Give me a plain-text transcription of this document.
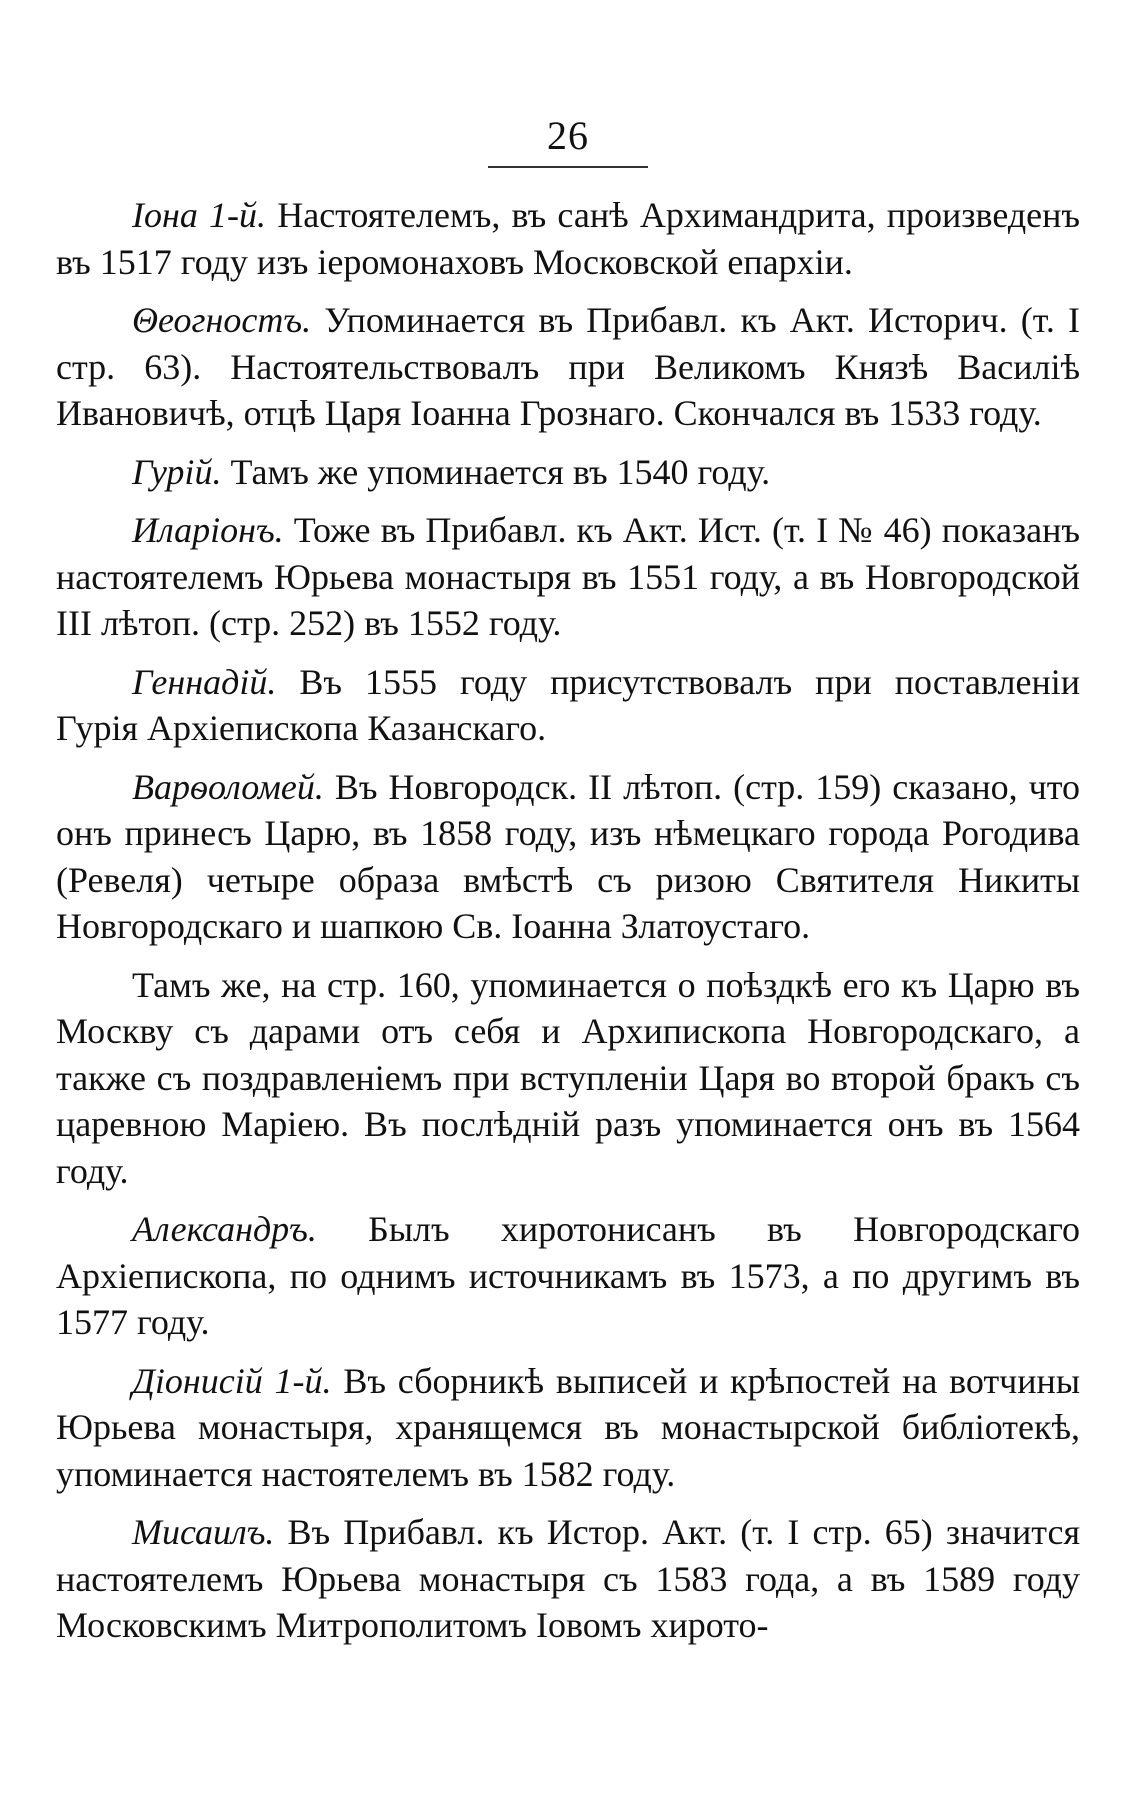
26

Іона 1-й. Настоятелемъ, въ санѣ Архимандрита, произведенъ въ 1517 году изъ іеромонаховъ Московской епархіи.

Θеогностъ. Упоминается въ Прибавл. къ Акт. Историч. (т. I стр. 63). Настоятельствовалъ при Великомъ Князѣ Василіѣ Ивановичѣ, отцѣ Царя Іоанна Грознаго. Скончался въ 1533 году.

Гурій. Тамъ же упоминается въ 1540 году.

Иларіонъ. Тоже въ Прибавл. къ Акт. Ист. (т. I № 46) показанъ настоятелемъ Юрьева монастыря въ 1551 году, а въ Новгородской III лѣтоп. (стр. 252) въ 1552 году.

Геннадій. Въ 1555 году присутствовалъ при поставленіи Гурія Архіепископа Казанскаго.

Варѳоломей. Въ Новгородск. II лѣтоп. (стр. 159) сказано, что онъ принесъ Царю, въ 1858 году, изъ нѣмецкаго города Рогодива (Ревеля) четыре образа вмѣстѣ съ ризою Святителя Никиты Новгородскаго и шапкою Св. Іоанна Златоустаго.

Тамъ же, на стр. 160, упоминается о поѣздкѣ его къ Царю въ Москву съ дарами отъ себя и Архипископа Новгородскаго, а также съ поздравленіемъ при вступленіи Царя во второй бракъ съ царевною Маріею. Въ послѣдній разъ упоминается онъ въ 1564 году.

Александръ. Былъ хиротонисанъ въ Новгородскаго Архіепископа, по однимъ источникамъ въ 1573, а по другимъ въ 1577 году.

Діонисій 1-й. Въ сборникѣ выписей и крѣпостей на вотчины Юрьева монастыря, хранящемся въ монастырской библіотекѣ, упоминается настоятелемъ въ 1582 году.

Мисаилъ. Въ Прибавл. къ Истор. Акт. (т. I стр. 65) значится настоятелемъ Юрьева монастыря съ 1583 года, а въ 1589 году Московскимъ Митрополитомъ Іовомъ хирото-
